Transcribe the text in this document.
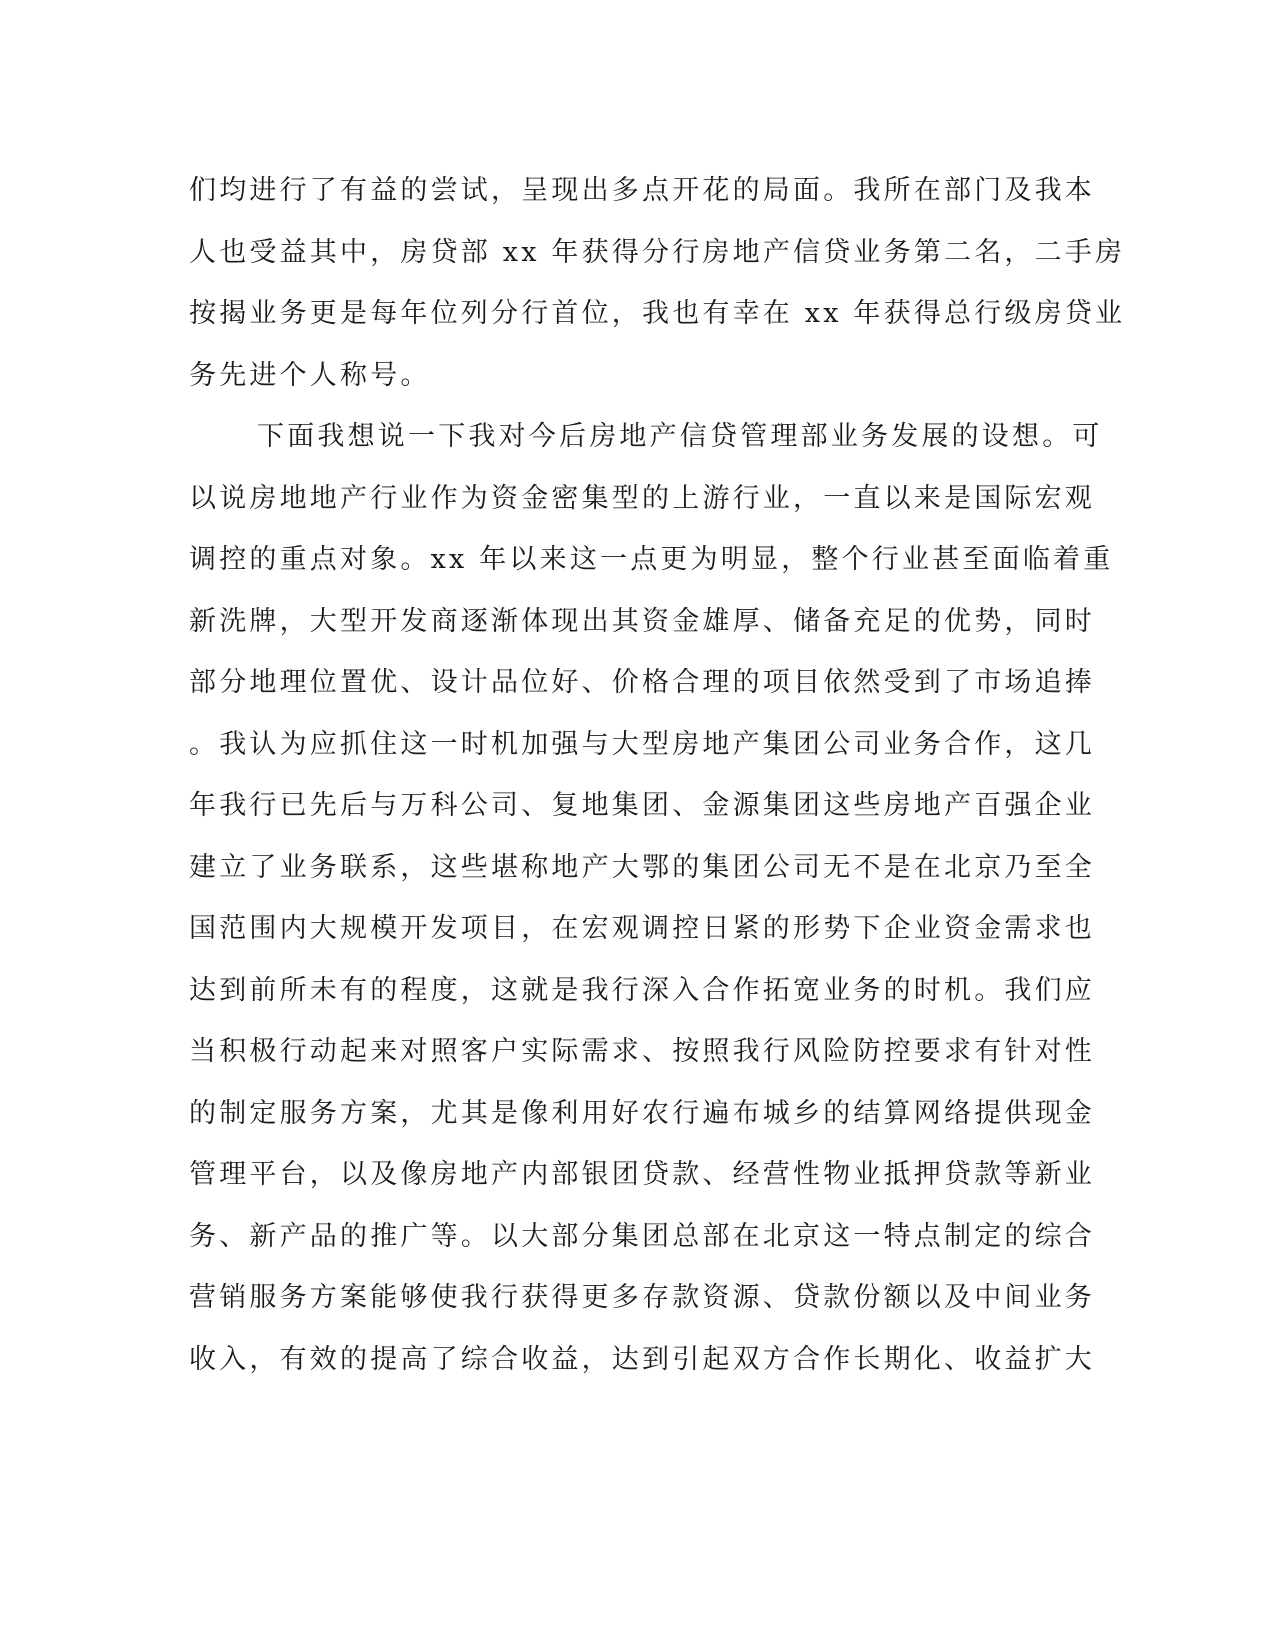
们均进行了有益的尝试，呈现出多点开花的局面。我所在部门及我本
人也受益其中，房贷部 xx 年获得分行房地产信贷业务第二名，二手房
按揭业务更是每年位列分行首位，我也有幸在 xx 年获得总行级房贷业
务先进个人称号。
下面我想说一下我对今后房地产信贷管理部业务发展的设想。可
以说房地地产行业作为资金密集型的上游行业，一直以来是国际宏观
调控的重点对象。xx 年以来这一点更为明显，整个行业甚至面临着重
新洗牌，大型开发商逐渐体现出其资金雄厚、储备充足的优势，同时
部分地理位置优、设计品位好、价格合理的项目依然受到了市场追捧
。我认为应抓住这一时机加强与大型房地产集团公司业务合作，这几
年我行已先后与万科公司、复地集团、金源集团这些房地产百强企业
建立了业务联系，这些堪称地产大鄂的集团公司无不是在北京乃至全
国范围内大规模开发项目，在宏观调控日紧的形势下企业资金需求也
达到前所未有的程度，这就是我行深入合作拓宽业务的时机。我们应
当积极行动起来对照客户实际需求、按照我行风险防控要求有针对性
的制定服务方案，尤其是像利用好农行遍布城乡的结算网络提供现金
管理平台，以及像房地产内部银团贷款、经营性物业抵押贷款等新业
务、新产品的推广等。以大部分集团总部在北京这一特点制定的综合
营销服务方案能够使我行获得更多存款资源、贷款份额以及中间业务
收入，有效的提高了综合收益，达到引起双方合作长期化、收益扩大
